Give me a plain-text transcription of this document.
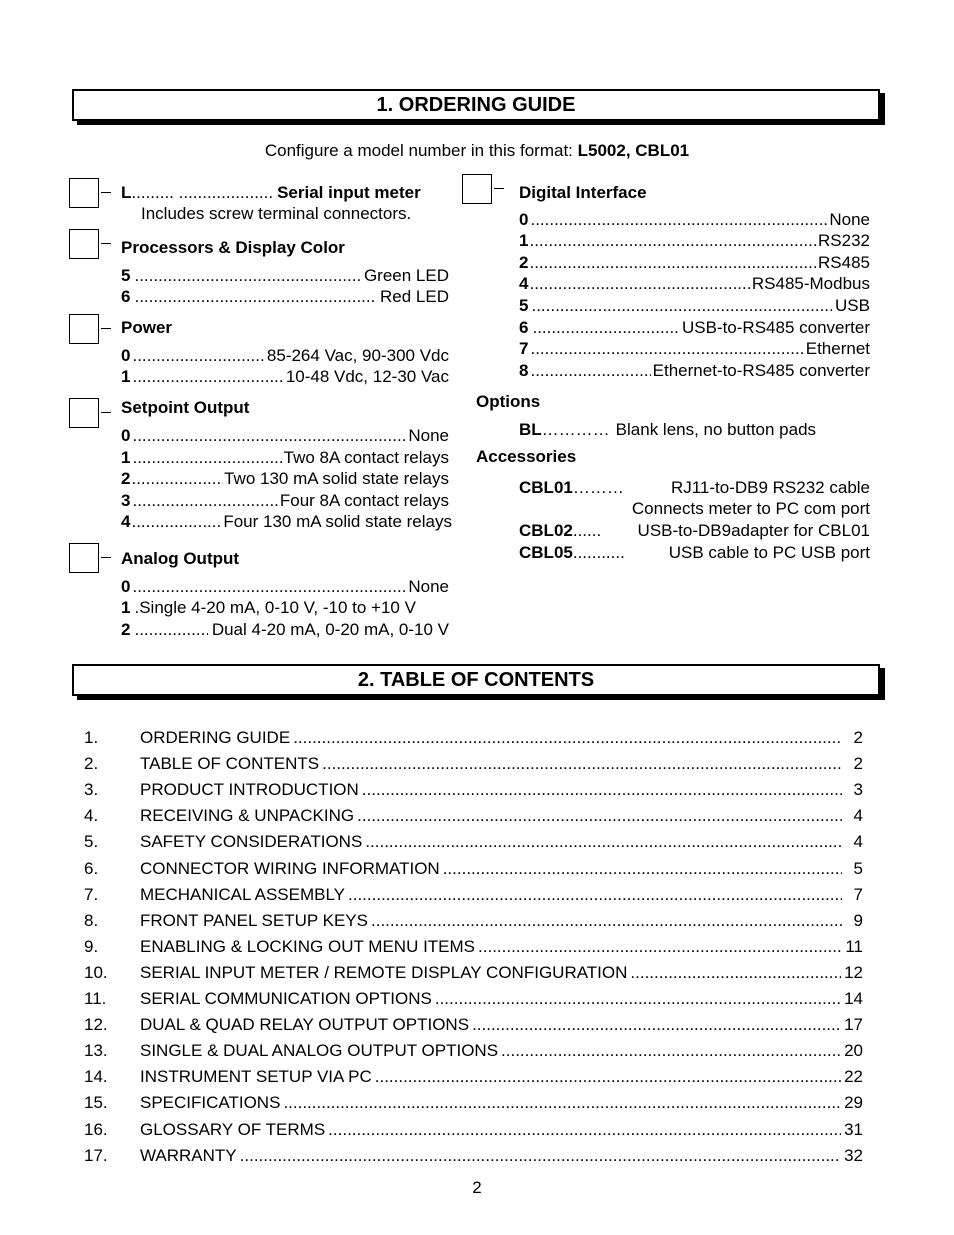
1. ORDERING GUIDE
Configure a model number in this format: L5002, CBL01
L ......... .................... Serial input meter
Includes screw terminal connectors.
Processors & Display Color
5 .....	Green LED
6 .....	Red LED
Power
0 .....	85-264 Vac, 90-300 Vdc
1 .....	10-48 Vdc, 12-30 Vac
Setpoint Output
0 .....	None
1 .....	Two 8A contact relays
2 .....	Two 130 mA solid state relays
3 .....	Four 8A contact relays
4 .....	Four 130 mA solid state relays
Analog Output
0 .....	None
1 . Single 4-20 mA, 0-10 V, -10 to +10 V
2 .....	Dual 4-20 mA, 0-20 mA, 0-10 V
Digital Interface
0 .....	None
1 .....	RS232
2 .....	RS485
4 .....	RS485-Modbus
5 .....	USB
6 .....	USB-to-RS485 converter
7 .....	Ethernet
8 .....	Ethernet-to-RS485 converter
Options
BL ………… Blank lens, no button pads
Accessories
CBL01 ………	RJ11-to-DB9 RS232 cable
Connects meter to PC com port
CBL02 ...... USB-to-DB9adapter for CBL01
CBL05 ...........	USB cable to PC USB port
2. TABLE OF CONTENTS
1.	ORDERING GUIDE .....	2
2.	TABLE OF CONTENTS .....	2
3.	PRODUCT INTRODUCTION .....	3
4.	RECEIVING & UNPACKING .....	4
5.	SAFETY CONSIDERATIONS .....	4
6.	CONNECTOR WIRING INFORMATION .....	5
7.	MECHANICAL ASSEMBLY .....	7
8.	FRONT PANEL SETUP KEYS .....	9
9.	ENABLING & LOCKING OUT MENU ITEMS .....	11
10.	SERIAL INPUT METER / REMOTE DISPLAY CONFIGURATION .....	12
11.	SERIAL COMMUNICATION OPTIONS .....	14
12.	DUAL & QUAD RELAY OUTPUT OPTIONS .....	17
13.	SINGLE & DUAL ANALOG OUTPUT OPTIONS .....	20
14.	INSTRUMENT SETUP VIA PC .....	22
15.	SPECIFICATIONS .....	29
16.	GLOSSARY OF TERMS .....	31
17.	WARRANTY .....	32
2
